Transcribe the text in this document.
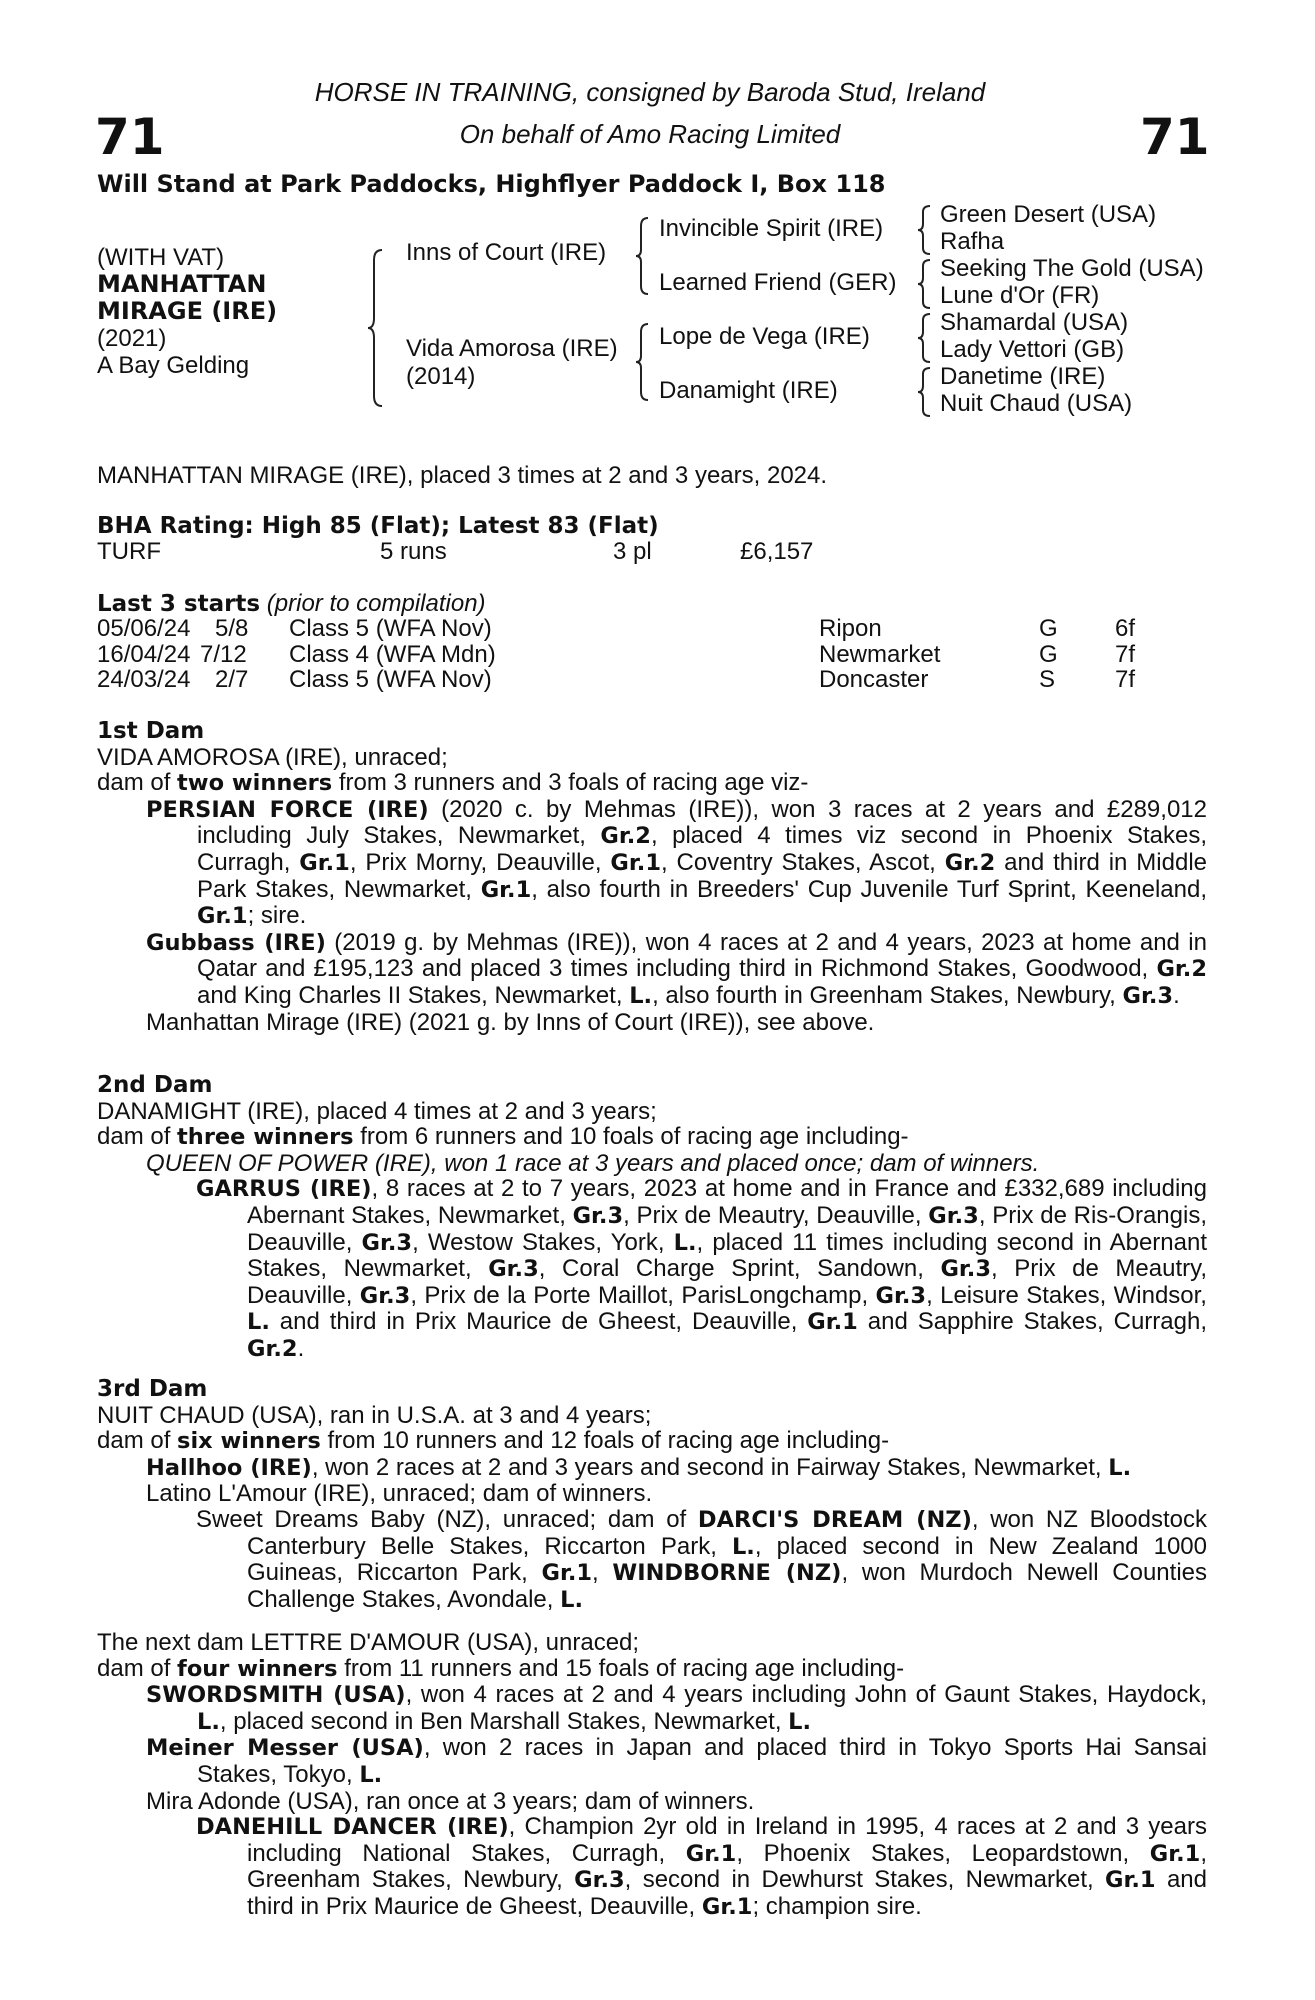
71	71
HORSE IN TRAINING, consigned by Baroda Stud, Ireland
On behalf of Amo Racing Limited
Will Stand at Park Paddocks, Highflyer Paddock I, Box 118
(WITH VAT)
MANHATTAN
MIRAGE (IRE)
(2021)
A Bay Gelding
Inns of Court (IRE)
Vida Amorosa (IRE)
(2014)
Invincible Spirit (IRE)
Learned Friend (GER)
Lope de Vega (IRE)
Danamight (IRE)
Green Desert (USA)
Rafha
Seeking The Gold (USA)
Lune d'Or (FR)
Shamardal (USA)
Lady Vettori (GB)
Danetime (IRE)
Nuit Chaud (USA)
MANHATTAN MIRAGE (IRE), placed 3 times at 2 and 3 years, 2024.
BHA Rating: High 85 (Flat); Latest 83 (Flat)
TURF	5 runs	3 pl	£6,157
Last 3 starts (prior to compilation)
05/06/24 5/8 Class 5 (WFA Nov)	Ripon	G 6f
16/04/24 7/12 Class 4 (WFA Mdn)	Newmarket	G 7f
24/03/24 2/7 Class 5 (WFA Nov)	Doncaster	S 7f
1st Dam
VIDA AMOROSA (IRE), unraced;
dam of two winners from 3 runners and 3 foals of racing age viz-
PERSIAN FORCE (IRE) (2020 c. by Mehmas (IRE)), won 3 races at 2 years and £289,012 including July Stakes, Newmarket, Gr.2, placed 4 times viz second in Phoenix Stakes, Curragh, Gr.1, Prix Morny, Deauville, Gr.1, Coventry Stakes, Ascot, Gr.2 and third in Middle Park Stakes, Newmarket, Gr.1, also fourth in Breeders' Cup Juvenile Turf Sprint, Keeneland, Gr.1; sire.
Gubbass (IRE) (2019 g. by Mehmas (IRE)), won 4 races at 2 and 4 years, 2023 at home and in Qatar and £195,123 and placed 3 times including third in Richmond Stakes, Goodwood, Gr.2 and King Charles II Stakes, Newmarket, L., also fourth in Greenham Stakes, Newbury, Gr.3.
Manhattan Mirage (IRE) (2021 g. by Inns of Court (IRE)), see above.
2nd Dam
DANAMIGHT (IRE), placed 4 times at 2 and 3 years;
dam of three winners from 6 runners and 10 foals of racing age including-
QUEEN OF POWER (IRE), won 1 race at 3 years and placed once; dam of winners.
GARRUS (IRE), 8 races at 2 to 7 years, 2023 at home and in France and £332,689 including Abernant Stakes, Newmarket, Gr.3, Prix de Meautry, Deauville, Gr.3, Prix de Ris-Orangis, Deauville, Gr.3, Westow Stakes, York, L., placed 11 times including second in Abernant Stakes, Newmarket, Gr.3, Coral Charge Sprint, Sandown, Gr.3, Prix de Meautry, Deauville, Gr.3, Prix de la Porte Maillot, ParisLongchamp, Gr.3, Leisure Stakes, Windsor, L. and third in Prix Maurice de Gheest, Deauville, Gr.1 and Sapphire Stakes, Curragh, Gr.2.
3rd Dam
NUIT CHAUD (USA), ran in U.S.A. at 3 and 4 years;
dam of six winners from 10 runners and 12 foals of racing age including-
Hallhoo (IRE), won 2 races at 2 and 3 years and second in Fairway Stakes, Newmarket, L.
Latino L'Amour (IRE), unraced; dam of winners.
Sweet Dreams Baby (NZ), unraced; dam of DARCI'S DREAM (NZ), won NZ Bloodstock Canterbury Belle Stakes, Riccarton Park, L., placed second in New Zealand 1000 Guineas, Riccarton Park, Gr.1, WINDBORNE (NZ), won Murdoch Newell Counties Challenge Stakes, Avondale, L.
The next dam LETTRE D'AMOUR (USA), unraced;
dam of four winners from 11 runners and 15 foals of racing age including-
SWORDSMITH (USA), won 4 races at 2 and 4 years including John of Gaunt Stakes, Haydock, L., placed second in Ben Marshall Stakes, Newmarket, L.
Meiner Messer (USA), won 2 races in Japan and placed third in Tokyo Sports Hai Sansai Stakes, Tokyo, L.
Mira Adonde (USA), ran once at 3 years; dam of winners.
DANEHILL DANCER (IRE), Champion 2yr old in Ireland in 1995, 4 races at 2 and 3 years including National Stakes, Curragh, Gr.1, Phoenix Stakes, Leopardstown, Gr.1, Greenham Stakes, Newbury, Gr.3, second in Dewhurst Stakes, Newmarket, Gr.1 and third in Prix Maurice de Gheest, Deauville, Gr.1; champion sire.
